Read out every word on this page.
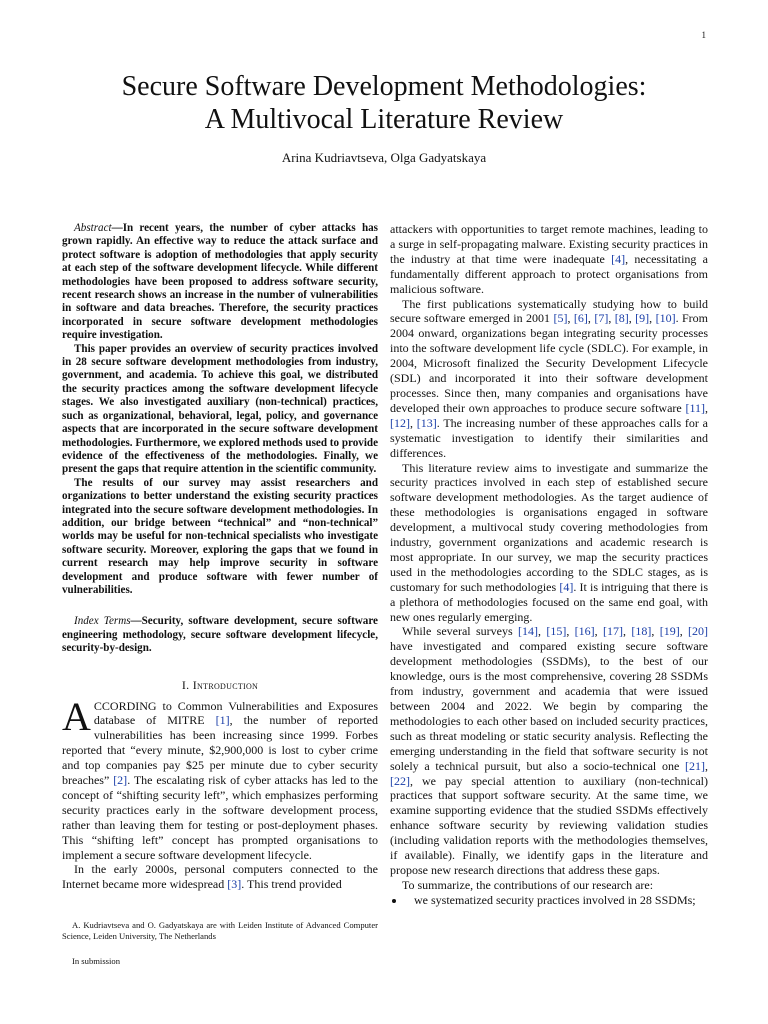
1
Secure Software Development Methodologies:
A Multivocal Literature Review
Arina Kudriavtseva, Olga Gadyatskaya

Abstract—In recent years, the number of cyber attacks has grown rapidly. An effective way to reduce the attack surface and protect software is adoption of methodologies that apply security at each step of the software development lifecycle. While different methodologies have been proposed to address software security, recent research shows an increase in the number of vulnerabilities in software and data breaches. Therefore, the security practices incorporated in secure software development methodologies require investigation.

This paper provides an overview of security practices involved in 28 secure software development methodologies from industry, government, and academia. To achieve this goal, we distributed the security practices among the software development lifecycle stages. We also investigated auxiliary (non-technical) practices, such as organizational, behavioral, legal, policy, and governance aspects that are incorporated in the secure software development methodologies. Furthermore, we explored methods used to provide evidence of the effectiveness of the methodologies. Finally, we present the gaps that require attention in the scientific community.

The results of our survey may assist researchers and organizations to better understand the existing security practices integrated into the secure software development methodologies. In addition, our bridge between “technical” and “non-technical” worlds may be useful for non-technical specialists who investigate software security. Moreover, exploring the gaps that we found in current research may help improve security in software development and produce software with fewer number of vulnerabilities.

Index Terms—Security, software development, secure software engineering methodology, secure software development lifecycle, security-by-design.
I. Introduction

ACCORDING to Common Vulnerabilities and Exposures database of MITRE [1], the number of reported vulnerabilities has been increasing since 1999. Forbes reported that “every minute, $2,900,000 is lost to cyber crime and top companies pay $25 per minute due to cyber security breaches” [2]. The escalating risk of cyber attacks has led to the concept of “shifting security left”, which emphasizes performing security practices early in the software development process, rather than leaving them for testing or post-deployment phases. This “shifting left” concept has prompted organisations to implement a secure software development lifecycle.

In the early 2000s, personal computers connected to the Internet became more widespread [3]. This trend provided

A. Kudriavtseva and O. Gadyatskaya are with Leiden Institute of Advanced Computer Science, Leiden University, The Netherlands
In submission

attackers with opportunities to target remote machines, leading to a surge in self-propagating malware. Existing security practices in the industry at that time were inadequate [4], necessitating a fundamentally different approach to protect organisations from malicious software.

The first publications systematically studying how to build secure software emerged in 2001 [5], [6], [7], [8], [9], [10]. From 2004 onward, organizations began integrating security processes into the software development life cycle (SDLC). For example, in 2004, Microsoft finalized the Security Development Lifecycle (SDL) and incorporated it into their software development processes. Since then, many companies and organisations have developed their own approaches to produce secure software [11], [12], [13]. The increasing number of these approaches calls for a systematic investigation to identify their similarities and differences.

This literature review aims to investigate and summarize the security practices involved in each step of established secure software development methodologies. As the target audience of these methodologies is organisations engaged in software development, a multivocal study covering methodologies from industry, government organizations and academic research is most appropriate. In our survey, we map the security practices used in the methodologies according to the SDLC stages, as is customary for such methodologies [4]. It is intriguing that there is a plethora of methodologies focused on the same end goal, with new ones regularly emerging.

While several surveys [14], [15], [16], [17], [18], [19], [20] have investigated and compared existing secure software development methodologies (SSDMs), to the best of our knowledge, ours is the most comprehensive, covering 28 SSDMs from industry, government and academia that were issued between 2004 and 2022. We begin by comparing the methodologies to each other based on included security practices, such as threat modeling or static security analysis. Reflecting the emerging understanding in the field that software security is not solely a technical pursuit, but also a socio-technical one [21], [22], we pay special attention to auxiliary (non-technical) practices that support software security. At the same time, we examine supporting evidence that the studied SSDMs effectively enhance software security by reviewing validation studies (including validation reports with the methodologies themselves, if available). Finally, we identify gaps in the literature and propose new research directions that address these gaps.

To summarize, the contributions of our research are:

• we systematized security practices involved in 28 SSDMs;
